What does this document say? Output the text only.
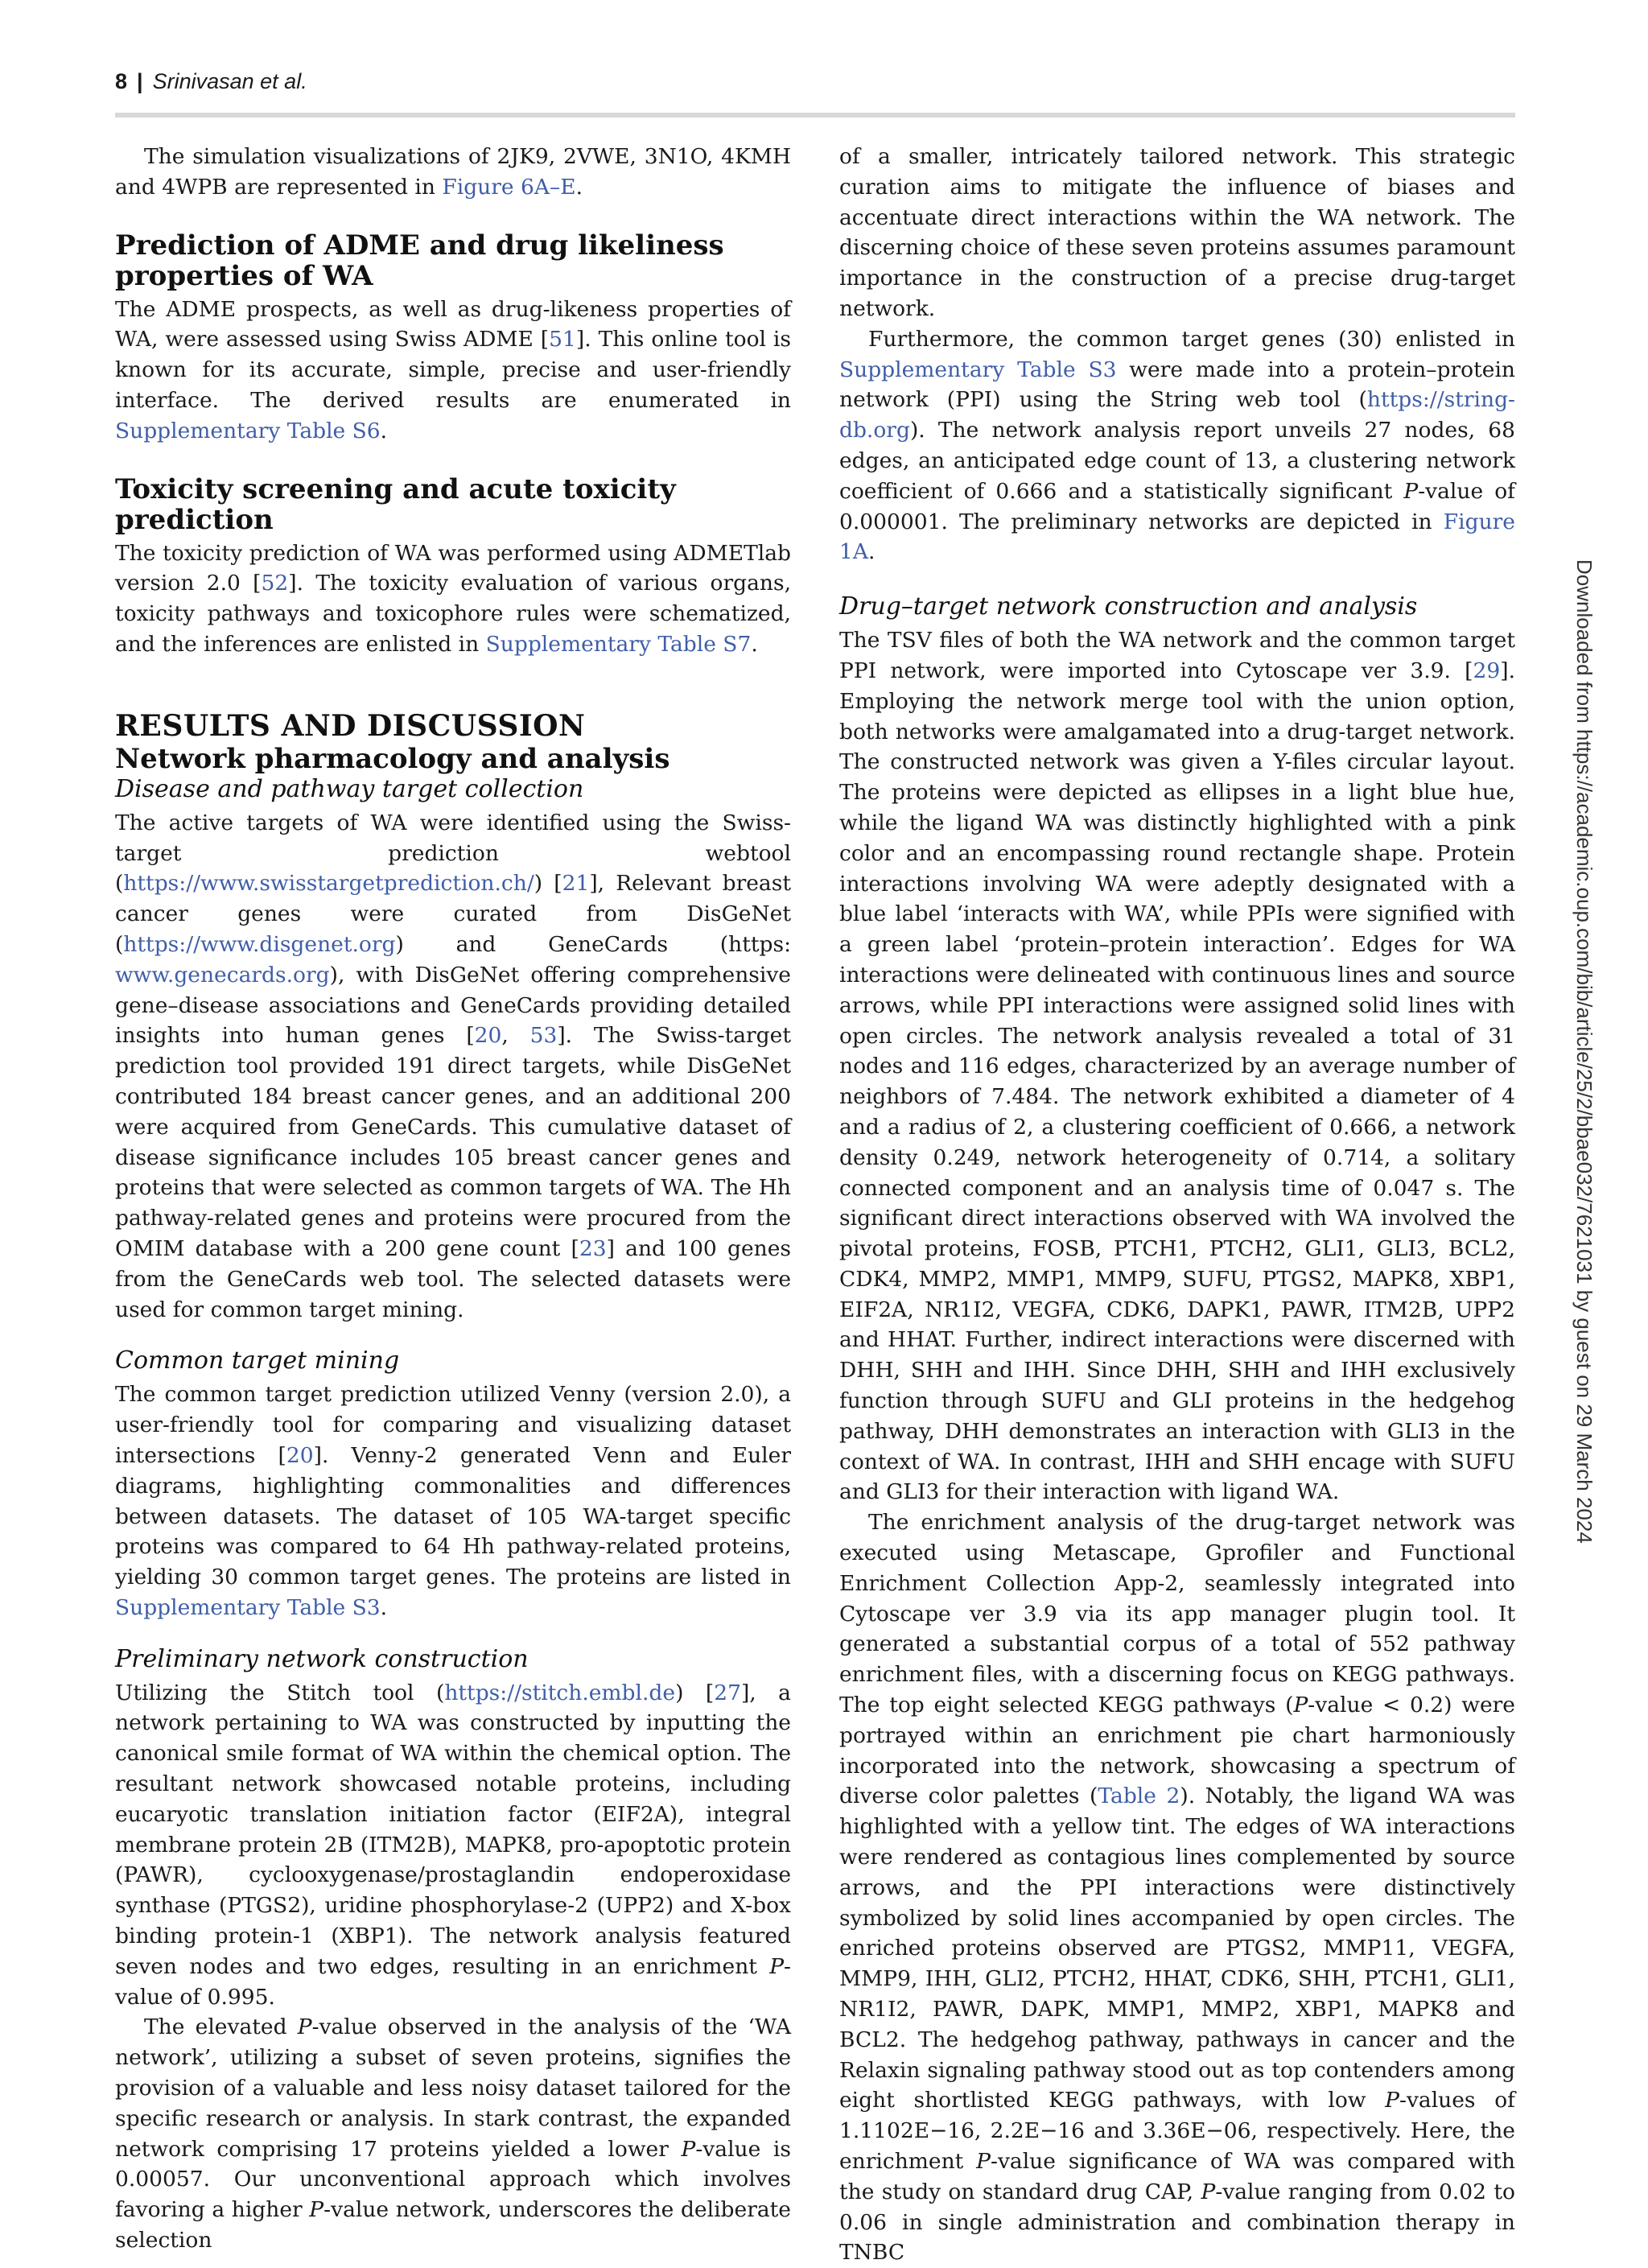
8 | Srinivasan et al.

The simulation visualizations of 2JK9, 2VWE, 3N1O, 4KMH and 4WPB are represented in Figure 6A–E.

Prediction of ADME and drug likeliness properties of WA

The ADME prospects, as well as drug-likeness properties of WA, were assessed using Swiss ADME [51]. This online tool is known for its accurate, simple, precise and user-friendly interface. The derived results are enumerated in Supplementary Table S6.

Toxicity screening and acute toxicity prediction

The toxicity prediction of WA was performed using ADMETlab version 2.0 [52]. The toxicity evaluation of various organs, toxicity pathways and toxicophore rules were schematized, and the inferences are enlisted in Supplementary Table S7.

RESULTS AND DISCUSSION
Network pharmacology and analysis
Disease and pathway target collection

The active targets of WA were identified using the Swiss-target prediction webtool (https://www.swisstargetprediction.ch/) [21], Relevant breast cancer genes were curated from DisGeNet (https://www.disgenet.org) and GeneCards (https: www.genecards.org), with DisGeNet offering comprehensive gene–disease associations and GeneCards providing detailed insights into human genes [20, 53]. The Swiss-target prediction tool provided 191 direct targets, while DisGeNet contributed 184 breast cancer genes, and an additional 200 were acquired from GeneCards. This cumulative dataset of disease significance includes 105 breast cancer genes and proteins that were selected as common targets of WA. The Hh pathway-related genes and proteins were procured from the OMIM database with a 200 gene count [23] and 100 genes from the GeneCards web tool. The selected datasets were used for common target mining.

Common target mining

The common target prediction utilized Venny (version 2.0), a user-friendly tool for comparing and visualizing dataset intersections [20]. Venny-2 generated Venn and Euler diagrams, highlighting commonalities and differences between datasets. The dataset of 105 WA-target specific proteins was compared to 64 Hh pathway-related proteins, yielding 30 common target genes. The proteins are listed in Supplementary Table S3.

Preliminary network construction

Utilizing the Stitch tool (https://stitch.embl.de) [27], a network pertaining to WA was constructed by inputting the canonical smile format of WA within the chemical option. The resultant network showcased notable proteins, including eucaryotic translation initiation factor (EIF2A), integral membrane protein 2B (ITM2B), MAPK8, pro-apoptotic protein (PAWR), cyclooxygenase/prostaglandin endoperoxidase synthase (PTGS2), uridine phosphorylase-2 (UPP2) and X-box binding protein-1 (XBP1). The network analysis featured seven nodes and two edges, resulting in an enrichment P-value of 0.995.

The elevated P-value observed in the analysis of the ‘WA network’, utilizing a subset of seven proteins, signifies the provision of a valuable and less noisy dataset tailored for the specific research or analysis. In stark contrast, the expanded network comprising 17 proteins yielded a lower P-value is 0.00057. Our unconventional approach which involves favoring a higher P-value network, underscores the deliberate selection

of a smaller, intricately tailored network. This strategic curation aims to mitigate the influence of biases and accentuate direct interactions within the WA network. The discerning choice of these seven proteins assumes paramount importance in the construction of a precise drug-target network.

Furthermore, the common target genes (30) enlisted in Supplementary Table S3 were made into a protein–protein network (PPI) using the String web tool (https://string-db.org). The network analysis report unveils 27 nodes, 68 edges, an anticipated edge count of 13, a clustering network coefficient of 0.666 and a statistically significant P-value of 0.000001. The preliminary networks are depicted in Figure 1A.

Drug–target network construction and analysis

The TSV files of both the WA network and the common target PPI network, were imported into Cytoscape ver 3.9. [29]. Employing the network merge tool with the union option, both networks were amalgamated into a drug-target network. The constructed network was given a Y-files circular layout. The proteins were depicted as ellipses in a light blue hue, while the ligand WA was distinctly highlighted with a pink color and an encompassing round rectangle shape. Protein interactions involving WA were adeptly designated with a blue label ‘interacts with WA’, while PPIs were signified with a green label ‘protein–protein interaction’. Edges for WA interactions were delineated with continuous lines and source arrows, while PPI interactions were assigned solid lines with open circles. The network analysis revealed a total of 31 nodes and 116 edges, characterized by an average number of neighbors of 7.484. The network exhibited a diameter of 4 and a radius of 2, a clustering coefficient of 0.666, a network density 0.249, network heterogeneity of 0.714, a solitary connected component and an analysis time of 0.047 s. The significant direct interactions observed with WA involved the pivotal proteins, FOSB, PTCH1, PTCH2, GLI1, GLI3, BCL2, CDK4, MMP2, MMP1, MMP9, SUFU, PTGS2, MAPK8, XBP1, EIF2A, NR1I2, VEGFA, CDK6, DAPK1, PAWR, ITM2B, UPP2 and HHAT. Further, indirect interactions were discerned with DHH, SHH and IHH. Since DHH, SHH and IHH exclusively function through SUFU and GLI proteins in the hedgehog pathway, DHH demonstrates an interaction with GLI3 in the context of WA. In contrast, IHH and SHH encage with SUFU and GLI3 for their interaction with ligand WA.

The enrichment analysis of the drug-target network was executed using Metascape, Gprofiler and Functional Enrichment Collection App-2, seamlessly integrated into Cytoscape ver 3.9 via its app manager plugin tool. It generated a substantial corpus of a total of 552 pathway enrichment files, with a discerning focus on KEGG pathways. The top eight selected KEGG pathways (P-value < 0.2) were portrayed within an enrichment pie chart harmoniously incorporated into the network, showcasing a spectrum of diverse color palettes (Table 2). Notably, the ligand WA was highlighted with a yellow tint. The edges of WA interactions were rendered as contagious lines complemented by source arrows, and the PPI interactions were distinctively symbolized by solid lines accompanied by open circles. The enriched proteins observed are PTGS2, MMP11, VEGFA, MMP9, IHH, GLI2, PTCH2, HHAT, CDK6, SHH, PTCH1, GLI1, NR1I2, PAWR, DAPK, MMP1, MMP2, XBP1, MAPK8 and BCL2. The hedgehog pathway, pathways in cancer and the Relaxin signaling pathway stood out as top contenders among eight shortlisted KEGG pathways, with low P-values of 1.1102E−16, 2.2E−16 and 3.36E−06, respectively. Here, the enrichment P-value significance of WA was compared with the study on standard drug CAP, P-value ranging from 0.02 to 0.06 in single administration and combination therapy in TNBC

Downloaded from https://academic.oup.com/bib/article/25/2/bbae032/7621031 by guest on 29 March 2024
